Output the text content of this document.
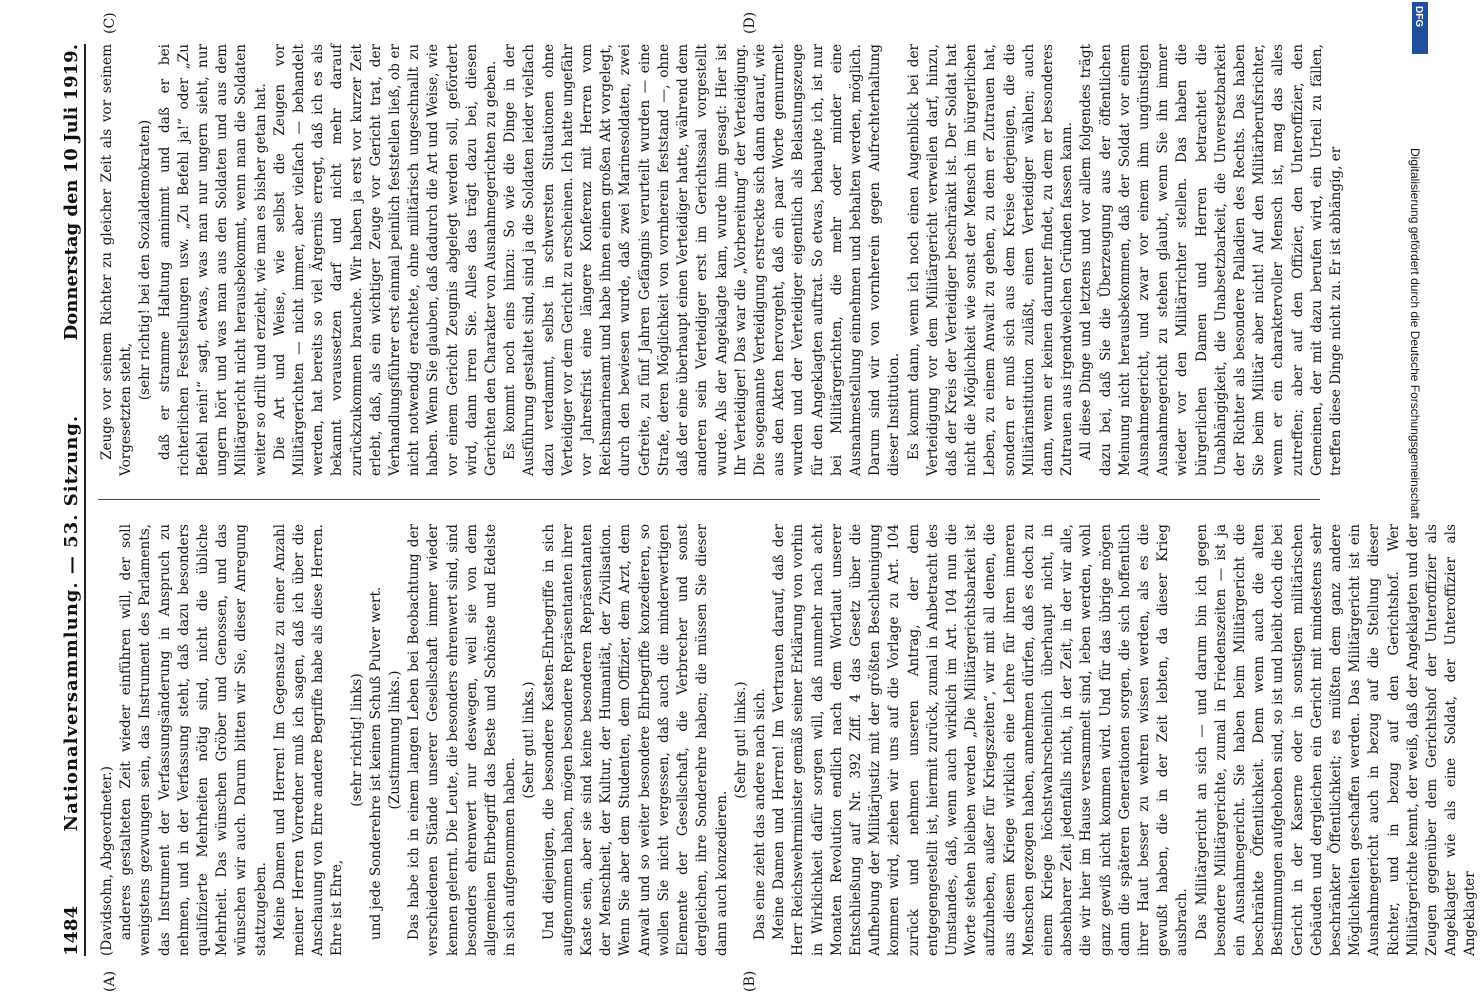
1484
Nationalversammlung. — 53. Sitzung.
Donnerstag den 10 Juli 1919.

(Davidsohn, Abgeordneter.) anderes gestalteten Zeit wieder einführen will, der soll wenigstens gezwungen sein, das Instrument des Parlaments, das Instrument der Verfassungsänderung in Anspruch zu nehmen, und in der Verfassung steht, daß dazu besonders qualifizierte Mehrheiten nötig sind, nicht die übliche Mehrheit. Das wünschen Gröber und Genossen, und das wünschen wir auch. Darum bitten wir Sie, dieser Anregung stattzugeben. Meine Damen und Herren! Im Gegensatz zu einer Anzahl meiner Herren Vorredner muß ich sagen, daß ich über die Anschauung von Ehre andere Begriffe habe als diese Herren. Ehre ist Ehre,

(sehr richtig! links) und jede Sonderehre ist keinen Schuß Pulver wert. (Zustimmung links.) Das habe ich in einem langen Leben bei Beobachtung der verschiedenen Stände unserer Gesellschaft immer wieder kennen gelernt. Die Leute, die besonders ehrenwert sind, sind besonders ehrenwert nur deswegen, weil sie von dem allgemeinen Ehrbegriff das Beste und Schönste und Edelste in sich aufgenommen haben.

(Sehr gut! links.) Und diejenigen, die besondere Kasten-Ehrbegriffe in sich aufgenommen haben, mögen besondere Repräsentanten ihrer Kaste sein, aber sie sind keine besonderen Repräsentanten der Menschheit, der Kultur, der Humanität, der Zivilisation. Wenn Sie aber dem Studenten, dem Offizier, dem Arzt, dem Anwalt und so weiter besondere Ehrbegriffe konzedieren, so wollen Sie nicht vergessen, daß auch die minderwertigen Elemente der Gesellschaft, die Verbrecher und sonst dergleichen, ihre Sonderehre haben; die müssen Sie dieser dann auch konzedieren.

(Sehr gut! links.) Das eine zieht das andere nach sich. Meine Damen und Herren! Im Vertrauen darauf, daß der Herr Reichswehrminister gemäß seiner Erklärung von vorhin in Wirklichkeit dafür sorgen will, daß nunmehr nach acht Monaten Revolution endlich nach dem Wortlaut unserer Entschließung auf Nr. 392 Ziff. 4 das Gesetz über die Aufhebung der Militärjustiz mit der größten Beschleunigung kommen wird, ziehen wir uns auf die Vorlage zu Art. 104 zurück und nehmen unseren Antrag, der dem entgegengestellt ist, hiermit zurück, zumal in Anbetracht des Umstandes, daß, wenn auch wirklich im Art. 104 nun die Worte stehen bleiben werden „Die Militärgerichtsbarkeit ist aufzuheben, außer für Kriegszeiten“, wir mit all denen, die aus diesem Kriege wirklich eine Lehre für ihren inneren Menschen gezogen haben, annehmen dürfen, daß es doch zu einem Kriege höchstwahrscheinlich überhaupt nicht, in absehbarer Zeit jedenfalls nicht, in der Zeit, in der wir alle, die wir hier im Hause versammelt sind, leben werden, wohl ganz gewiß nicht kommen wird. Und für das übrige mögen dann die späteren Generationen sorgen, die sich hoffentlich ihrer Haut besser zu wehren wissen werden, als es die gewußt haben, die in der Zeit lebten, da dieser Krieg ausbrach. Das Militärgericht an sich — und darum bin ich gegen besondere Militärgerichte, zumal in Friedenszeiten — ist ja ein Ausnahmegericht. Sie haben beim Militärgericht die beschränkte Öffentlichkeit. Denn wenn auch die alten Bestimmungen aufgehoben sind, so ist und bleibt doch die bei Gericht in der Kaserne oder in sonstigen militärischen Gebäuden und dergleichen ein Gericht mit mindestens sehr beschränkter Öffentlichkeit; es müßten dem ganz andere Möglichkeiten geschaffen werden. Das Militärgericht ist ein Ausnahmegericht auch in bezug auf die Stellung dieser Richter, und in bezug auf den Gerichtshof. Wer Militärgerichte kennt, der weiß, daß der Angeklagten und der Zeugen gegenüber dem Gerichtshof der Unteroffizier als Angeklagter wie als eine Soldat, der Unteroffizier als Angeklagter

Zeuge vor seinem Richter zu gleicher Zeit als vor seinem Vorgesetzten steht,

(sehr richtig! bei den Sozialdemokraten) daß er stramme Haltung annimmt und daß er bei richterlichen Feststellungen usw. „Zu Befehl ja!“ oder „Zu Befehl nein!“ sagt, etwas, was man nur ungern sieht, nur ungern hört und was man aus den Soldaten und aus dem Militärgericht nicht herausbekommt, wenn man die Soldaten weiter so drillt und erzieht, wie man es bisher getan hat. Die Art und Weise, wie selbst die Zeugen vor Militärgerichten — nicht immer, aber vielfach — behandelt werden, hat bereits so viel Ärgernis erregt, daß ich es als bekannt voraussetzen darf und nicht mehr darauf zurückzukommen brauche. Wir haben ja erst vor kurzer Zeit erlebt, daß, als ein wichtiger Zeuge vor Gericht trat, der Verhandlungsführer erst einmal peinlich feststellen ließ, ob er nicht notwendig erachtete, ohne militärisch ungeschnallt zu haben. Wenn Sie glauben, daß dadurch die Art und Weise, wie vor einem Gericht Zeugnis abgelegt werden soll, gefördert wird, dann irren Sie. Alles das trägt dazu bei, diesen Gerichten den Charakter von Ausnahmegerichten zu geben. Es kommt noch eins hinzu: So wie die Dinge in der Ausführung gestaltet sind, sind ja die Soldaten leider vielfach dazu verdammt, selbst in schwersten Situationen ohne Verteidiger vor dem Gericht zu erscheinen. Ich hatte ungefähr vor Jahresfrist eine längere Konferenz mit Herren vom Reichsmarineamt und habe ihnen einen großen Akt vorgelegt, durch den bewiesen wurde, daß zwei Marinesoldaten, zwei Gefreite, zu fünf Jahren Gefängnis verurteilt wurden — eine Strafe, deren Möglichkeit von vornherein feststand —, ohne daß der eine überhaupt einen Verteidiger hatte, während dem anderen sein Verteidiger erst im Gerichtssaal vorgestellt wurde. Als der Angeklagte kam, wurde ihm gesagt: Hier ist Ihr Verteidiger! Das war die „Vorbereitung“ der Verteidigung. Die sogenannte Verteidigung erstreckte sich dann darauf, wie aus den Akten hervorgeht, daß ein paar Worte gemurmelt wurden und der Verteidiger eigentlich als Belastungszeuge für den Angeklagten auftrat. So etwas, behaupte ich, ist nur bei Militärgerichten, die mehr oder minder eine Ausnahmestellung einnehmen und behalten werden, möglich. Darum sind wir von vornherein gegen Aufrechterhaltung dieser Institution. Es kommt dann, wenn ich noch einen Augenblick bei der Verteidigung vor dem Militärgericht verweilen darf, hinzu, daß der Kreis der Verteidiger beschränkt ist. Der Soldat hat nicht die Möglichkeit wie sonst der Mensch im bürgerlichen Leben, zu einem Anwalt zu gehen, zu dem er Zutrauen hat, sondern er muß sich aus dem Kreise derjenigen, die die Militärinstitution zuläßt, einen Verteidiger wählen; auch dann, wenn er keinen darunter findet, zu dem er besonderes Zutrauen aus irgendwelchen Gründen fassen kann. All diese Dinge und letztens und vor allem folgendes trägt dazu bei, daß Sie die Überzeugung aus der öffentlichen Meinung nicht herausbekommen, daß der Soldat vor einem Ausnahmegericht, und zwar vor einem ihm ungünstigen Ausnahmegericht zu stehen glaubt, wenn Sie ihn immer wieder vor den Militärrichter stellen. Das haben die bürgerlichen Damen und Herren betrachtet die Unabhängigkeit, die Unabsetzbarkeit, die Unversetzbarkeit der Richter als besondere Palladien des Rechts. Das haben Sie beim Militär aber nicht! Auf den Militärberufsrichter, wenn er ein charaktervoller Mensch ist, mag das alles zutreffen; aber auf den Offizier, den Unteroffizier, den Gemeinen, der mit dazu berufen wird, ein Urteil zu fällen, treffen diese Dinge nicht zu. Er ist abhängig, er

(A)	(B)
(C)	(D)	DFG
Digitalisierung gefördert durch die Deutsche Forschungsgemeinschaft
